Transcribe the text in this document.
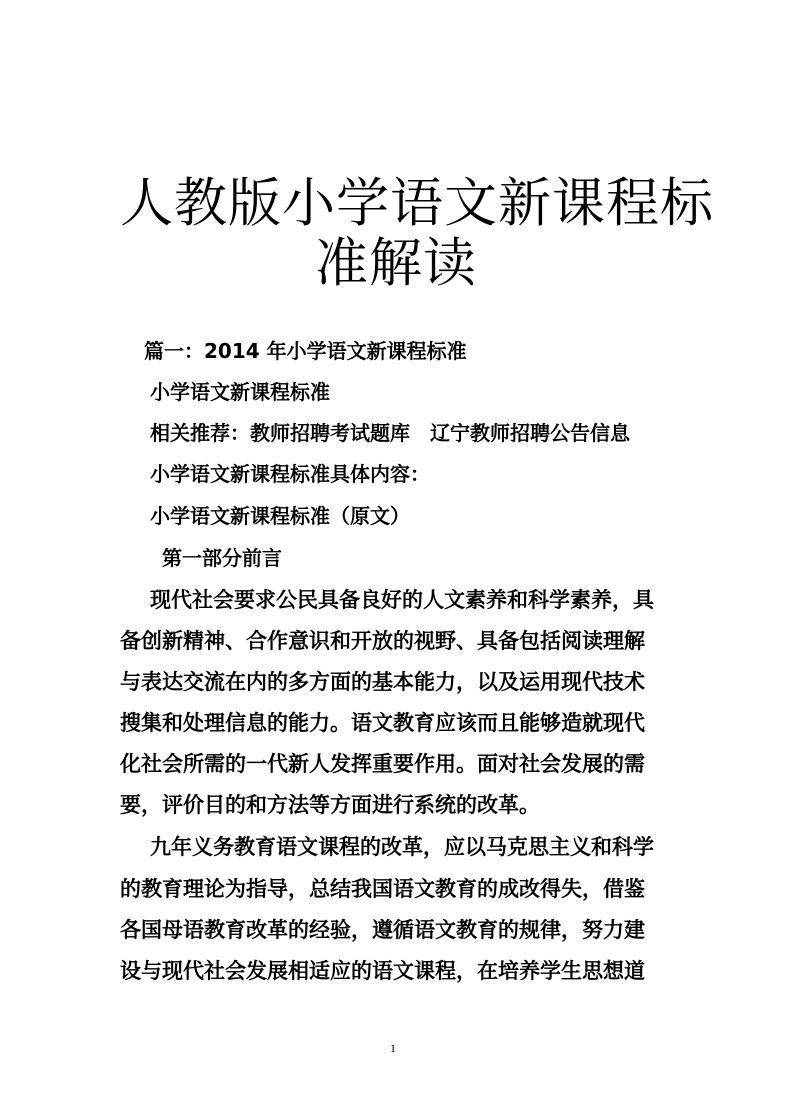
人教版小学语文新课程标
准解读
篇一：2014 年小学语文新课程标准
小学语文新课程标准
相关推荐：教师招聘考试题库　辽宁教师招聘公告信息
小学语文新课程标准具体内容：
小学语文新课程标准（原文）
第一部分前言
现代社会要求公民具备良好的人文素养和科学素养，具
备创新精神、合作意识和开放的视野、具备包括阅读理解
与表达交流在内的多方面的基本能力，以及运用现代技术
搜集和处理信息的能力。语文教育应该而且能够造就现代
化社会所需的一代新人发挥重要作用。面对社会发展的需
要，评价目的和方法等方面进行系统的改革。
九年义务教育语文课程的改革，应以马克思主义和科学
的教育理论为指导，总结我国语文教育的成改得失，借鉴
各国母语教育改革的经验，遵循语文教育的规律，努力建
设与现代社会发展相适应的语文课程，在培养学生思想道
1
